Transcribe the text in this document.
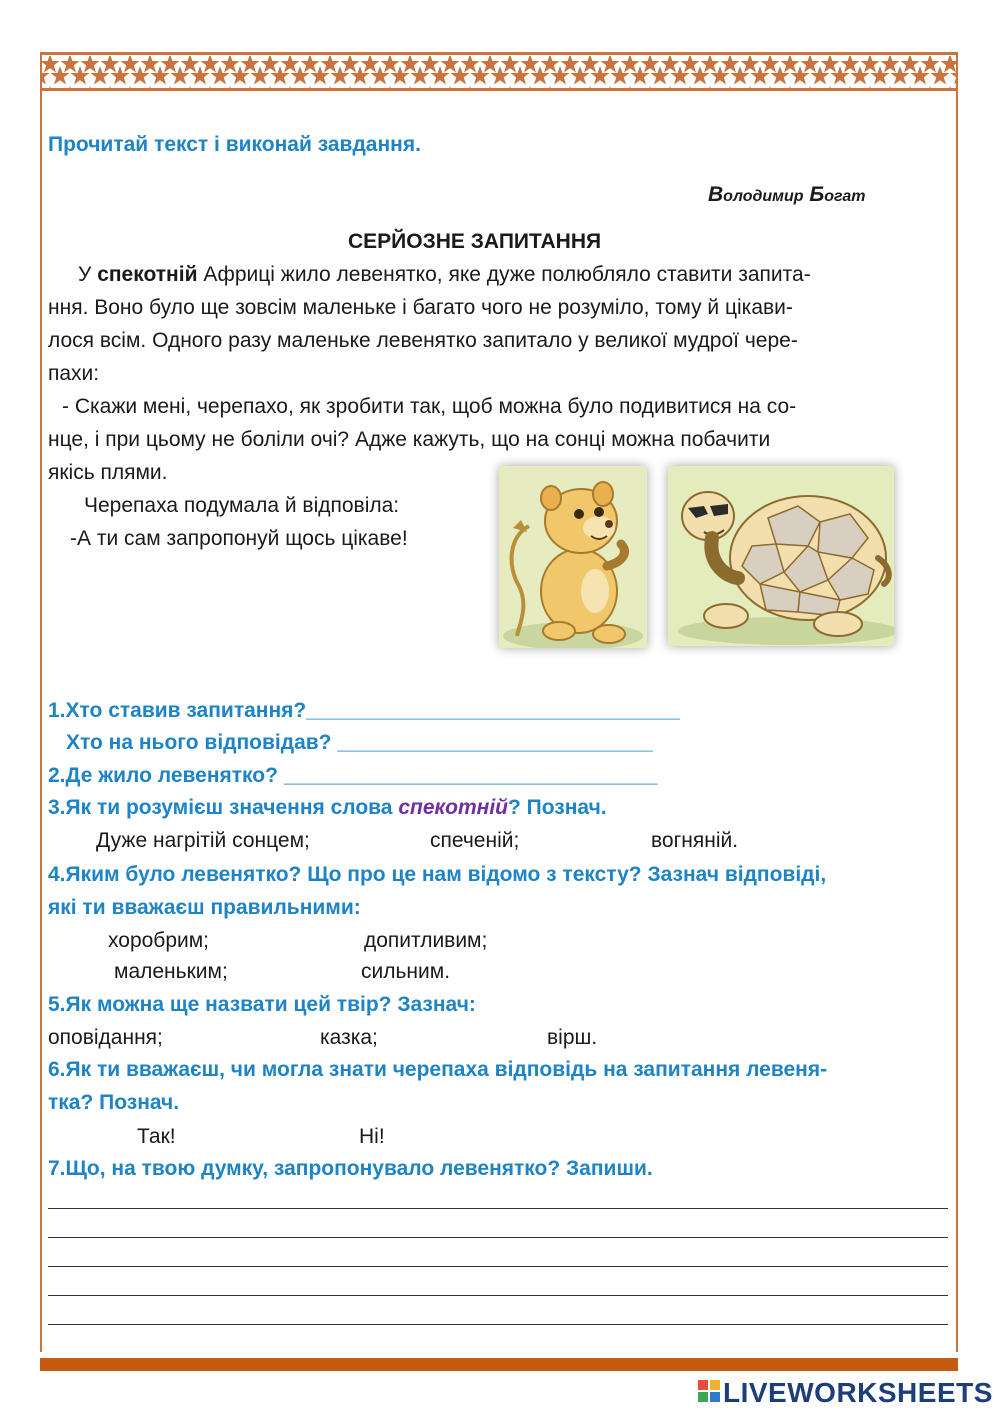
Прочитай текст і виконай завдання.
Володимир Богат
СЕРЙОЗНЕ ЗАПИТАННЯ
У спекотній Африці жило левенятко, яке дуже полюбляло ставити запита-
ння. Воно було ще зовсім маленьке і багато чого не розуміло, тому й цікави-
лося всім. Одного разу маленьке левенятко запитало у великої мудрої чере-
пахи:
- Скажи мені, черепахо, як зробити так, щоб можна було подивитися на со-
нце, і при цьому не боліли очі? Адже кажуть, що на сонці можна побачити
якісь плями.
Черепаха подумала й відповіла:
-А ти сам запропонуй щось цікаве!
1.Хто ставив запитання?________________________________
Хто на нього відповідав? ___________________________
2.Де жило левенятко? ________________________________
3.Як ти розумієш значення слова спекотній? Познач.
Дуже нагрітій сонцем;	спеченій;	вогняній.
4.Яким було левенятко? Що про це нам відомо з тексту? Зазнач відповіді,
які ти вважаєш правильними:
хоробрим;	допитливим;
маленьким;	сильним.
5.Як можна ще назвати цей твір? Зазнач:
оповідання;	казка;	вірш.
6.Як ти вважаєш, чи могла знати черепаха відповідь на запитання левеня-
тка? Познач.
Так!	Ні!
7.Що, на твою думку, запропонувало левенятко? Запиши.
LIVEWORKSHEETS
